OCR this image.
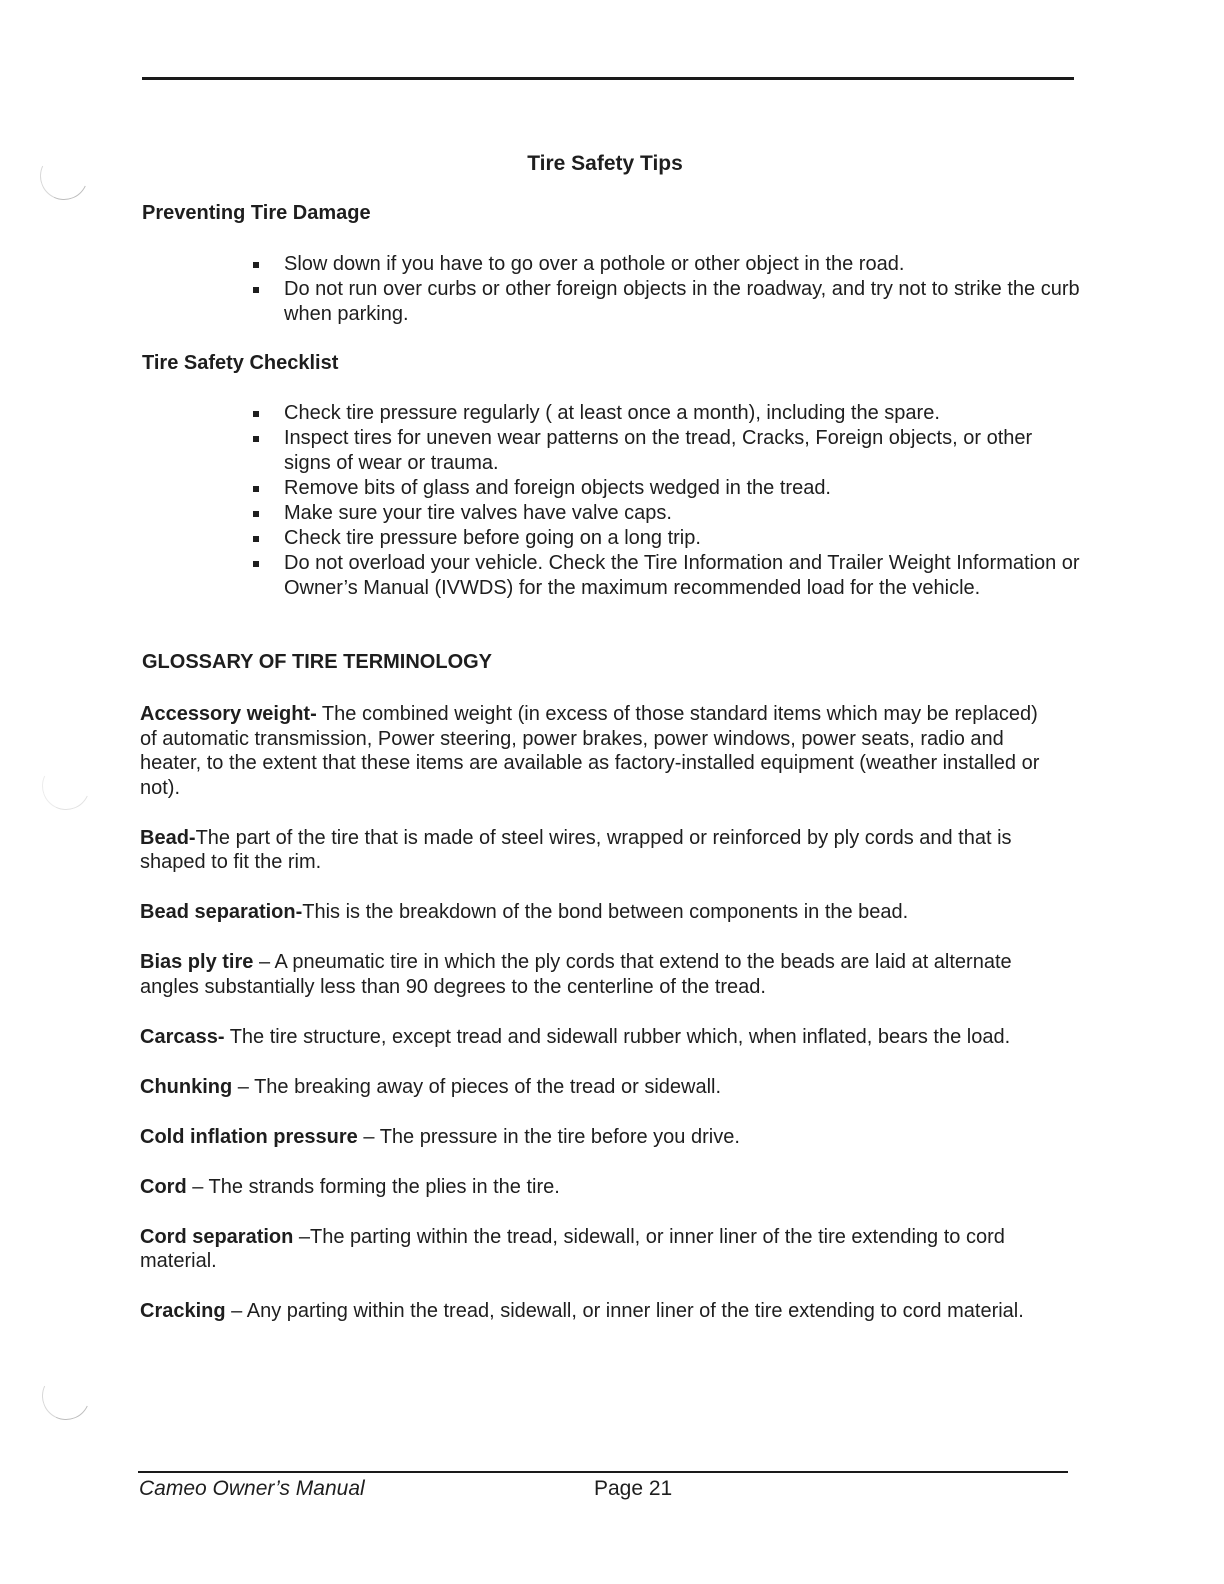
Tire Safety Tips
Preventing Tire Damage
Slow down if you have to go over a pothole or other object in the road.
Do not run over curbs or other foreign objects in the roadway, and try not to strike the curb when parking.
Tire Safety Checklist
Check tire pressure regularly ( at least once a month), including the spare.
Inspect tires for uneven wear patterns on the tread, Cracks, Foreign objects, or other signs of wear or trauma.
Remove bits of glass and foreign objects wedged in the tread.
Make sure your tire valves have valve caps.
Check tire pressure before going on a long trip.
Do not overload your vehicle. Check the Tire Information and Trailer Weight Information or Owner’s Manual (IVWDS) for the maximum recommended load for the vehicle.
GLOSSARY OF TIRE TERMINOLOGY

Accessory weight- The combined weight (in excess of those standard items which may be replaced) of automatic transmission, Power steering, power brakes, power windows, power seats, radio and heater, to the extent that these items are available as factory-installed equipment (weather installed or not).

Bead-The part of the tire that is made of steel wires, wrapped or reinforced by ply cords and that is shaped to fit the rim.

Bead separation-This is the breakdown of the bond between components in the bead.

Bias ply tire – A pneumatic tire in which the ply cords that extend to the beads are laid at alternate angles substantially less than 90 degrees to the centerline of the tread.

Carcass- The tire structure, except tread and sidewall rubber which, when inflated, bears the load.

Chunking – The breaking away of pieces of the tread or sidewall.

Cold inflation pressure – The pressure in the tire before you drive.

Cord – The strands forming the plies in the tire.

Cord separation –The parting within the tread, sidewall, or inner liner of the tire extending to cord material.

Cracking – Any parting within the tread, sidewall, or inner liner of the tire extending to cord material.

Cameo Owner’s Manual	Page 21
